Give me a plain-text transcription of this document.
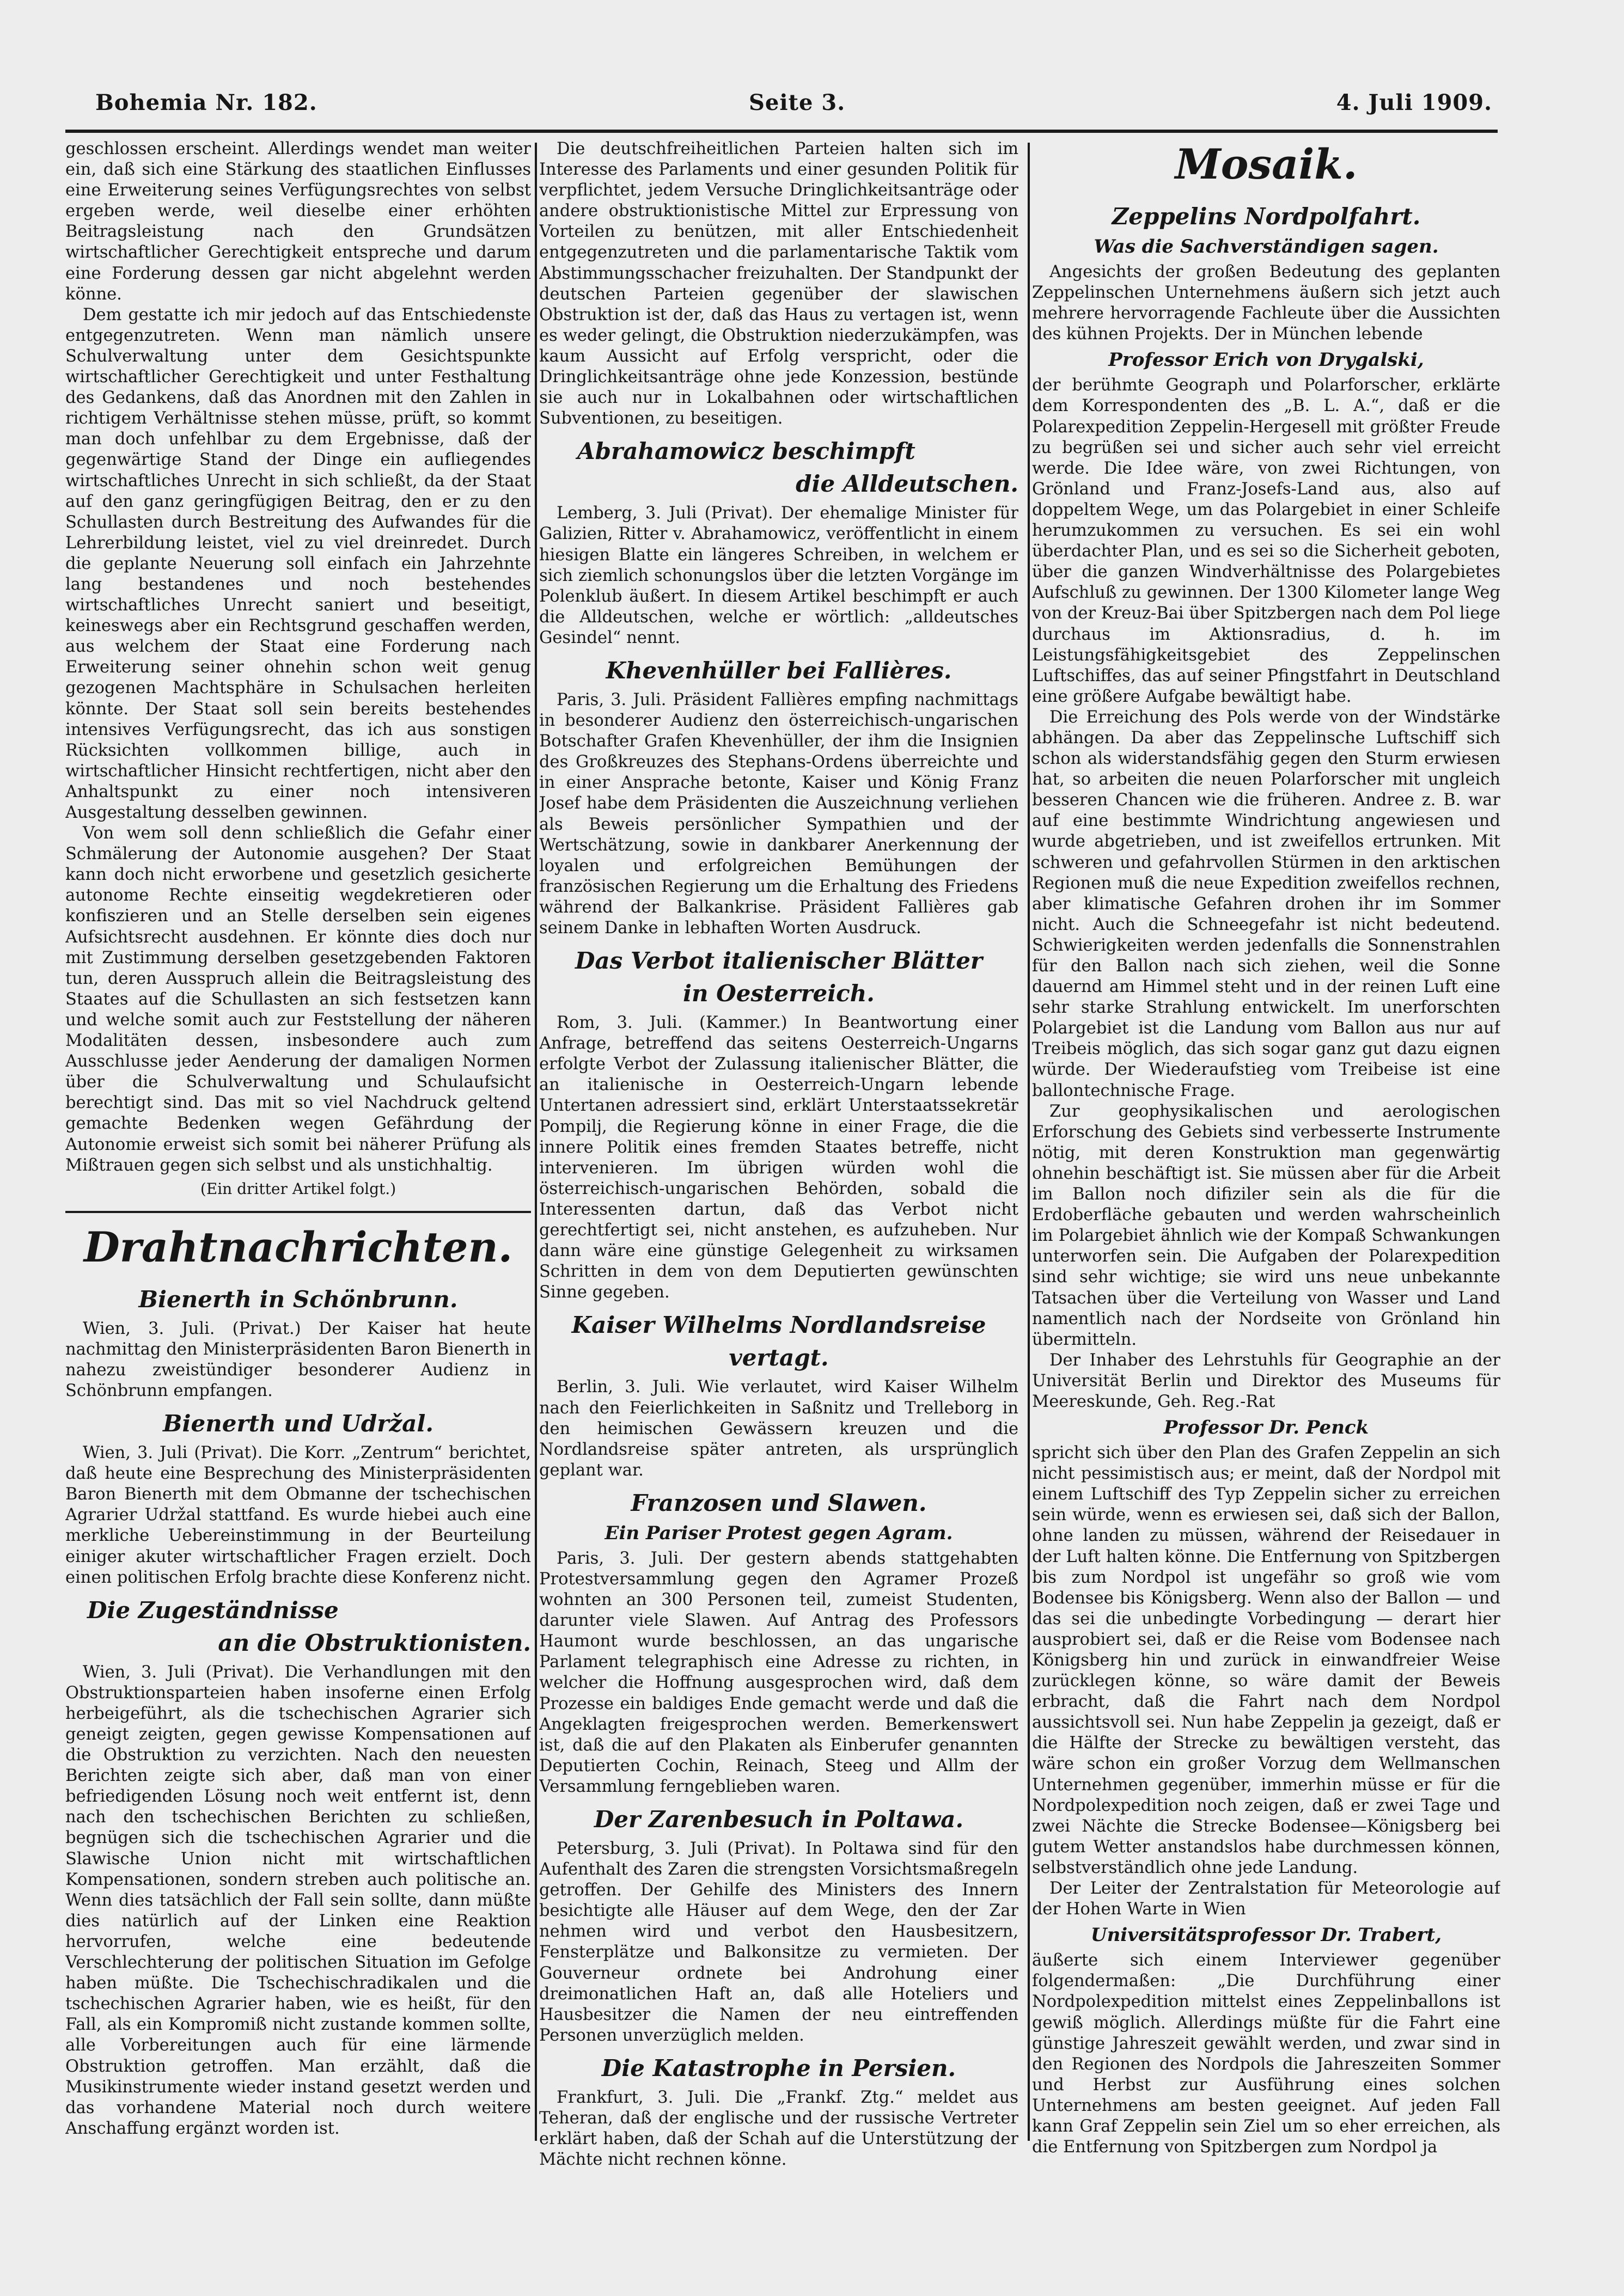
Bohemia Nr. 182.	Seite 3.	4. Juli 1909.

geschlossen erscheint. Allerdings wendet man weiter ein, daß sich eine Stärkung des staatlichen Einflusses eine Erweiterung seines Verfügungsrechtes von selbst ergeben werde, weil dieselbe einer erhöhten Beitragsleistung nach den Grundsätzen wirtschaftlicher Gerechtigkeit entspreche und darum eine Forderung dessen gar nicht abgelehnt werden könne.

Dem gestatte ich mir jedoch auf das Entschiedenste entgegenzutreten. Wenn man nämlich unsere Schulverwaltung unter dem Gesichtspunkte wirtschaftlicher Gerechtigkeit und unter Festhaltung des Gedankens, daß das Anordnen mit den Zahlen in richtigem Verhältnisse stehen müsse, prüft, so kommt man doch unfehlbar zu dem Ergebnisse, daß der gegenwärtige Stand der Dinge ein aufliegendes wirtschaftliches Unrecht in sich schließt, da der Staat auf den ganz geringfügigen Beitrag, den er zu den Schullasten durch Bestreitung des Aufwandes für die Lehrerbildung leistet, viel zu viel dreinredet. Durch die geplante Neuerung soll einfach ein Jahrzehnte lang bestandenes und noch bestehendes wirtschaftliches Unrecht saniert und beseitigt, keineswegs aber ein Rechtsgrund geschaffen werden, aus welchem der Staat eine Forderung nach Erweiterung seiner ohnehin schon weit genug gezogenen Machtsphäre in Schulsachen herleiten könnte. Der Staat soll sein bereits bestehendes intensives Verfügungsrecht, das ich aus sonstigen Rücksichten vollkommen billige, auch in wirtschaftlicher Hinsicht rechtfertigen, nicht aber den Anhaltspunkt zu einer noch intensiveren Ausgestaltung desselben gewinnen.

Von wem soll denn schließlich die Gefahr einer Schmälerung der Autonomie ausgehen? Der Staat kann doch nicht erworbene und gesetzlich gesicherte autonome Rechte einseitig wegdekretieren oder konfiszieren und an Stelle derselben sein eigenes Aufsichtsrecht ausdehnen. Er könnte dies doch nur mit Zustimmung derselben gesetzgebenden Faktoren tun, deren Ausspruch allein die Beitragsleistung des Staates auf die Schullasten an sich festsetzen kann und welche somit auch zur Feststellung der näheren Modalitäten dessen, insbesondere auch zum Ausschlusse jeder Aenderung der damaligen Normen über die Schulverwaltung und Schulaufsicht berechtigt sind. Das mit so viel Nachdruck geltend gemachte Bedenken wegen Gefährdung der Autonomie erweist sich somit bei näherer Prüfung als Mißtrauen gegen sich selbst und als unstichhaltig.

(Ein dritter Artikel folgt.)
Drahtnachrichten.
Bienerth in Schönbrunn.

Wien, 3. Juli. (Privat.) Der Kaiser hat heute nachmittag den Ministerpräsidenten Baron Bienerth in nahezu zweistündiger besonderer Audienz in Schönbrunn empfangen.

Bienerth und Udržal.

Wien, 3. Juli (Privat). Die Korr. „Zentrum“ berichtet, daß heute eine Besprechung des Ministerpräsidenten Baron Bienerth mit dem Obmanne der tschechischen Agrarier Udržal stattfand. Es wurde hiebei auch eine merkliche Uebereinstimmung in der Beurteilung einiger akuter wirtschaftlicher Fragen erzielt. Doch einen politischen Erfolg brachte diese Konferenz nicht.

Die Zugeständnisse
an die Obstruktionisten.

Wien, 3. Juli (Privat). Die Verhandlungen mit den Obstruktionsparteien haben insoferne einen Erfolg herbeigeführt, als die tschechischen Agrarier sich geneigt zeigten, gegen gewisse Kompensationen auf die Obstruktion zu verzichten. Nach den neuesten Berichten zeigte sich aber, daß man von einer befriedigenden Lösung noch weit entfernt ist, denn nach den tschechischen Berichten zu schließen, begnügen sich die tschechischen Agrarier und die Slawische Union nicht mit wirtschaftlichen Kompensationen, sondern streben auch politische an. Wenn dies tatsächlich der Fall sein sollte, dann müßte dies natürlich auf der Linken eine Reaktion hervorrufen, welche eine bedeutende Verschlechterung der politischen Situation im Gefolge haben müßte. Die Tschechischradikalen und die tschechischen Agrarier haben, wie es heißt, für den Fall, als ein Kompromiß nicht zustande kommen sollte, alle Vorbereitungen auch für eine lärmende Obstruktion getroffen. Man erzählt, daß die Musikinstrumente wieder instand gesetzt werden und das vorhandene Material noch durch weitere Anschaffung ergänzt worden ist.

Die deutschfreiheitlichen Parteien halten sich im Interesse des Parlaments und einer gesunden Politik für verpflichtet, jedem Versuche Dringlichkeitsanträge oder andere obstruktionistische Mittel zur Erpressung von Vorteilen zu benützen, mit aller Entschiedenheit entgegenzutreten und die parlamentarische Taktik vom Abstimmungsschacher freizuhalten. Der Standpunkt der deutschen Parteien gegenüber der slawischen Obstruktion ist der, daß das Haus zu vertagen ist, wenn es weder gelingt, die Obstruktion niederzukämpfen, was kaum Aussicht auf Erfolg verspricht, oder die Dringlichkeitsanträge ohne jede Konzession, bestünde sie auch nur in Lokalbahnen oder wirtschaftlichen Subventionen, zu beseitigen.

Abrahamowicz beschimpft
die Alldeutschen.

Lemberg, 3. Juli (Privat). Der ehemalige Minister für Galizien, Ritter v. Abrahamowicz, veröffentlicht in einem hiesigen Blatte ein längeres Schreiben, in welchem er sich ziemlich schonungslos über die letzten Vorgänge im Polenklub äußert. In diesem Artikel beschimpft er auch die Alldeutschen, welche er wörtlich: „alldeutsches Gesindel“ nennt.

Khevenhüller bei Fallières.

Paris, 3. Juli. Präsident Fallières empfing nachmittags in besonderer Audienz den österreichisch-ungarischen Botschafter Grafen Khevenhüller, der ihm die Insignien des Großkreuzes des Stephans-Ordens überreichte und in einer Ansprache betonte, Kaiser und König Franz Josef habe dem Präsidenten die Auszeichnung verliehen als Beweis persönlicher Sympathien und der Wertschätzung, sowie in dankbarer Anerkennung der loyalen und erfolgreichen Bemühungen der französischen Regierung um die Erhaltung des Friedens während der Balkankrise. Präsident Fallières gab seinem Danke in lebhaften Worten Ausdruck.

Das Verbot italienischer Blätter
in Oesterreich.

Rom, 3. Juli. (Kammer.) In Beantwortung einer Anfrage, betreffend das seitens Oesterreich-Ungarns erfolgte Verbot der Zulassung italienischer Blätter, die an italienische in Oesterreich-Ungarn lebende Untertanen adressiert sind, erklärt Unterstaatssekretär Pompilj, die Regierung könne in einer Frage, die die innere Politik eines fremden Staates betreffe, nicht intervenieren. Im übrigen würden wohl die österreichisch-ungarischen Behörden, sobald die Interessenten dartun, daß das Verbot nicht gerechtfertigt sei, nicht anstehen, es aufzuheben. Nur dann wäre eine günstige Gelegenheit zu wirksamen Schritten in dem von dem Deputierten gewünschten Sinne gegeben.

Kaiser Wilhelms Nordlandsreise
vertagt.

Berlin, 3. Juli. Wie verlautet, wird Kaiser Wilhelm nach den Feierlichkeiten in Saßnitz und Trelleborg in den heimischen Gewässern kreuzen und die Nordlandsreise später antreten, als ursprünglich geplant war.

Franzosen und Slawen.
Ein Pariser Protest gegen Agram.

Paris, 3. Juli. Der gestern abends stattgehabten Protestversammlung gegen den Agramer Prozeß wohnten an 300 Personen teil, zumeist Studenten, darunter viele Slawen. Auf Antrag des Professors Haumont wurde beschlossen, an das ungarische Parlament telegraphisch eine Adresse zu richten, in welcher die Hoffnung ausgesprochen wird, daß dem Prozesse ein baldiges Ende gemacht werde und daß die Angeklagten freigesprochen werden. Bemerkenswert ist, daß die auf den Plakaten als Einberufer genannten Deputierten Cochin, Reinach, Steeg und Allm der Versammlung ferngeblieben waren.

Der Zarenbesuch in Poltawa.

Petersburg, 3. Juli (Privat). In Poltawa sind für den Aufenthalt des Zaren die strengsten Vorsichtsmaßregeln getroffen. Der Gehilfe des Ministers des Innern besichtigte alle Häuser auf dem Wege, den der Zar nehmen wird und verbot den Hausbesitzern, Fensterplätze und Balkonsitze zu vermieten. Der Gouverneur ordnete bei Androhung einer dreimonatlichen Haft an, daß alle Hoteliers und Hausbesitzer die Namen der neu eintreffenden Personen unverzüglich melden.

Die Katastrophe in Persien.

Frankfurt, 3. Juli. Die „Frankf. Ztg.“ meldet aus Teheran, daß der englische und der russische Vertreter erklärt haben, daß der Schah auf die Unterstützung der Mächte nicht rechnen könne.

Mosaik.
Zeppelins Nordpolfahrt.
Was die Sachverständigen sagen.

Angesichts der großen Bedeutung des geplanten Zeppelinschen Unternehmens äußern sich jetzt auch mehrere hervorragende Fachleute über die Aussichten des kühnen Projekts. Der in München lebende

Professor Erich von Drygalski,

der berühmte Geograph und Polarforscher, erklärte dem Korrespondenten des „B. L. A.“, daß er die Polarexpedition Zeppelin-Hergesell mit größter Freude zu begrüßen sei und sicher auch sehr viel erreicht werde. Die Idee wäre, von zwei Richtungen, von Grönland und Franz-Josefs-Land aus, also auf doppeltem Wege, um das Polargebiet in einer Schleife herumzukommen zu versuchen. Es sei ein wohl überdachter Plan, und es sei so die Sicherheit geboten, über die ganzen Windverhältnisse des Polargebietes Aufschluß zu gewinnen. Der 1300 Kilometer lange Weg von der Kreuz-Bai über Spitzbergen nach dem Pol liege durchaus im Aktionsradius, d. h. im Leistungsfähigkeitsgebiet des Zeppelinschen Luftschiffes, das auf seiner Pfingstfahrt in Deutschland eine größere Aufgabe bewältigt habe.

Die Erreichung des Pols werde von der Windstärke abhängen. Da aber das Zeppelinsche Luftschiff sich schon als widerstandsfähig gegen den Sturm erwiesen hat, so arbeiten die neuen Polarforscher mit ungleich besseren Chancen wie die früheren. Andree z. B. war auf eine bestimmte Windrichtung angewiesen und wurde abgetrieben, und ist zweifellos ertrunken. Mit schweren und gefahrvollen Stürmen in den arktischen Regionen muß die neue Expedition zweifellos rechnen, aber klimatische Gefahren drohen ihr im Sommer nicht. Auch die Schneegefahr ist nicht bedeutend. Schwierigkeiten werden jedenfalls die Sonnenstrahlen für den Ballon nach sich ziehen, weil die Sonne dauernd am Himmel steht und in der reinen Luft eine sehr starke Strahlung entwickelt. Im unerforschten Polargebiet ist die Landung vom Ballon aus nur auf Treibeis möglich, das sich sogar ganz gut dazu eignen würde. Der Wiederaufstieg vom Treibeise ist eine ballontechnische Frage.

Zur geophysikalischen und aerologischen Erforschung des Gebiets sind verbesserte Instrumente nötig, mit deren Konstruktion man gegenwärtig ohnehin beschäftigt ist. Sie müssen aber für die Arbeit im Ballon noch difiziler sein als die für die Erdoberfläche gebauten und werden wahrscheinlich im Polargebiet ähnlich wie der Kompaß Schwankungen unterworfen sein. Die Aufgaben der Polarexpedition sind sehr wichtige; sie wird uns neue unbekannte Tatsachen über die Verteilung von Wasser und Land namentlich nach der Nordseite von Grönland hin übermitteln.

Der Inhaber des Lehrstuhls für Geographie an der Universität Berlin und Direktor des Museums für Meereskunde, Geh. Reg.-Rat

Professor Dr. Penck

spricht sich über den Plan des Grafen Zeppelin an sich nicht pessimistisch aus; er meint, daß der Nordpol mit einem Luftschiff des Typ Zeppelin sicher zu erreichen sein würde, wenn es erwiesen sei, daß sich der Ballon, ohne landen zu müssen, während der Reisedauer in der Luft halten könne. Die Entfernung von Spitzbergen bis zum Nordpol ist ungefähr so groß wie vom Bodensee bis Königsberg. Wenn also der Ballon — und das sei die unbedingte Vorbedingung — derart hier ausprobiert sei, daß er die Reise vom Bodensee nach Königsberg hin und zurück in einwandfreier Weise zurücklegen könne, so wäre damit der Beweis erbracht, daß die Fahrt nach dem Nordpol aussichtsvoll sei. Nun habe Zeppelin ja gezeigt, daß er die Hälfte der Strecke zu bewältigen versteht, das wäre schon ein großer Vorzug dem Wellmanschen Unternehmen gegenüber, immerhin müsse er für die Nordpolexpedition noch zeigen, daß er zwei Tage und zwei Nächte die Strecke Bodensee—Königsberg bei gutem Wetter anstandslos habe durchmessen können, selbstverständlich ohne jede Landung.

Der Leiter der Zentralstation für Meteorologie auf der Hohen Warte in Wien

Universitätsprofessor Dr. Trabert,

äußerte sich einem Interviewer gegenüber folgendermaßen: „Die Durchführung einer Nordpolexpedition mittelst eines Zeppelinballons ist gewiß möglich. Allerdings müßte für die Fahrt eine günstige Jahreszeit gewählt werden, und zwar sind in den Regionen des Nordpols die Jahreszeiten Sommer und Herbst zur Ausführung eines solchen Unternehmens am besten geeignet. Auf jeden Fall kann Graf Zeppelin sein Ziel um so eher erreichen, als die Entfernung von Spitzbergen zum Nordpol ja
